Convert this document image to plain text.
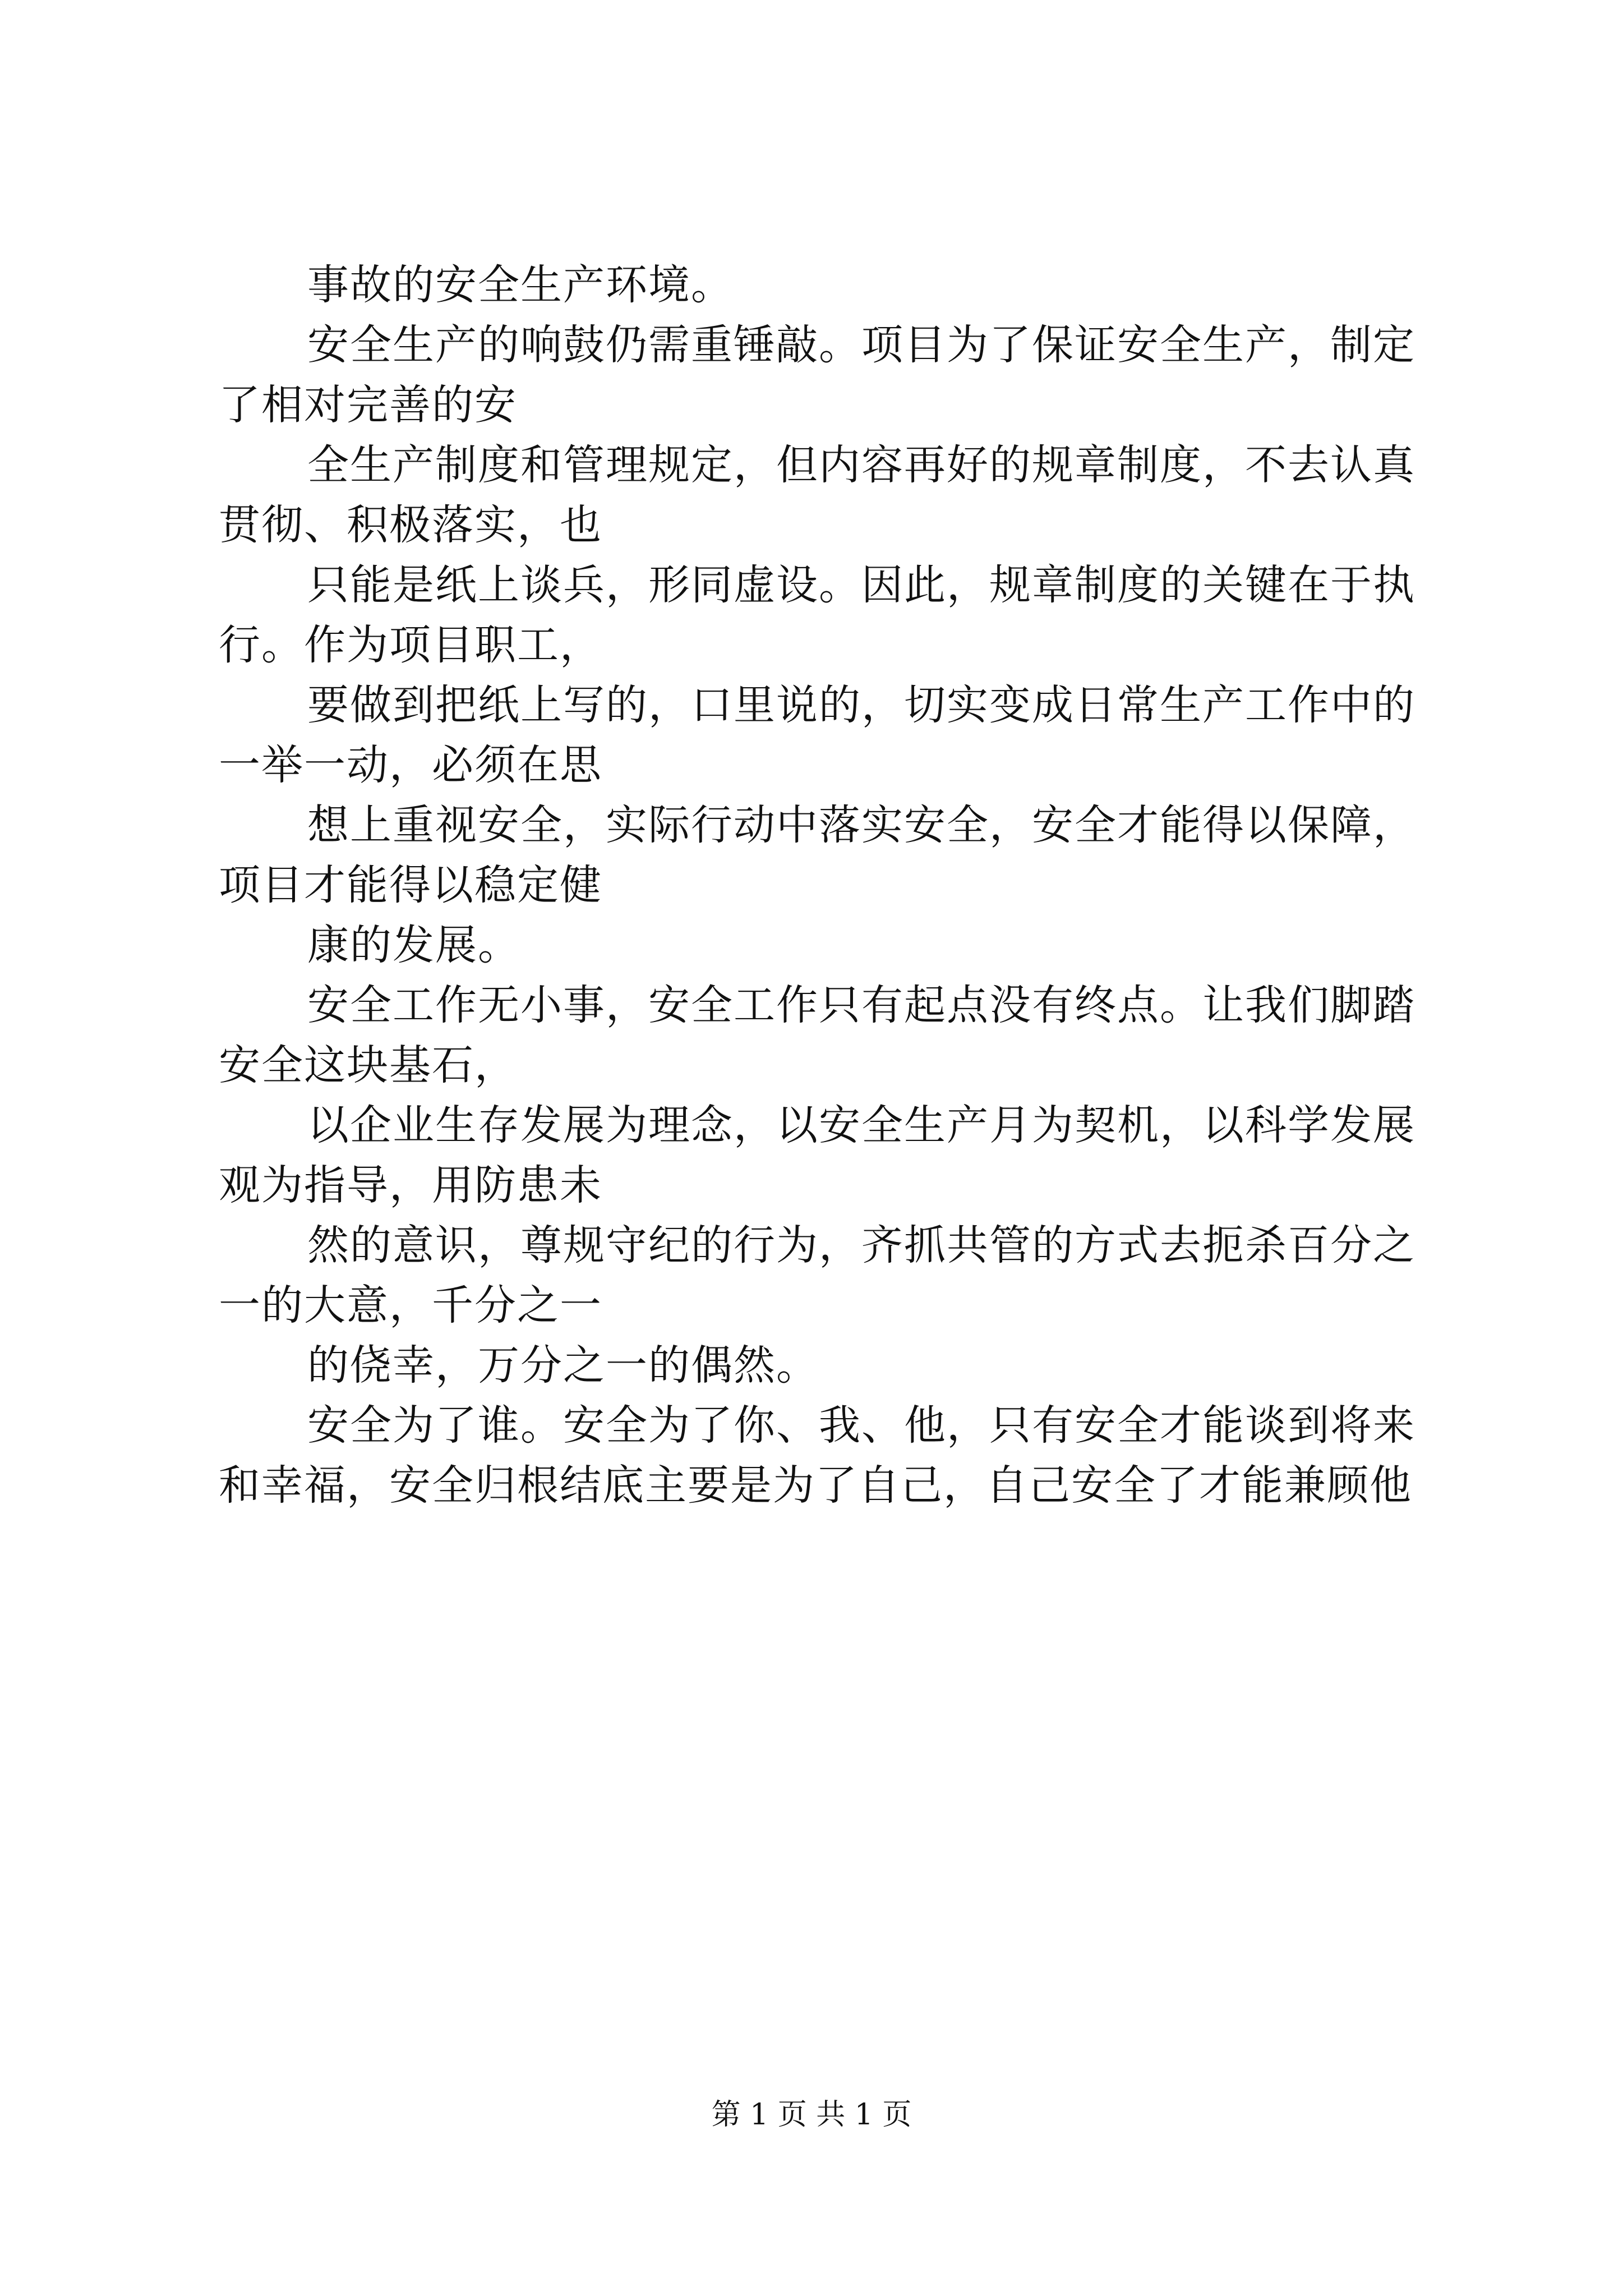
事故的安全生产环境。
安全生产的响鼓仍需重锤敲。项目为了保证安全生产，制定
了相对完善的安
全生产制度和管理规定，但内容再好的规章制度，不去认真
贯彻、积极落实，也
只能是纸上谈兵，形同虚设。因此，规章制度的关键在于执
行。作为项目职工，
要做到把纸上写的，口里说的，切实变成日常生产工作中的
一举一动，必须在思
想上重视安全，实际行动中落实安全，安全才能得以保障，
项目才能得以稳定健
康的发展。
安全工作无小事，安全工作只有起点没有终点。让我们脚踏
安全这块基石，
以企业生存发展为理念，以安全生产月为契机，以科学发展
观为指导，用防患未
然的意识，尊规守纪的行为，齐抓共管的方式去扼杀百分之
一的大意，千分之一
的侥幸，万分之一的偶然。
安全为了谁。安全为了你、我、他，只有安全才能谈到将来
和幸福，安全归根结底主要是为了自己，自己安全了才能兼顾他
第 1 页 共 1 页
